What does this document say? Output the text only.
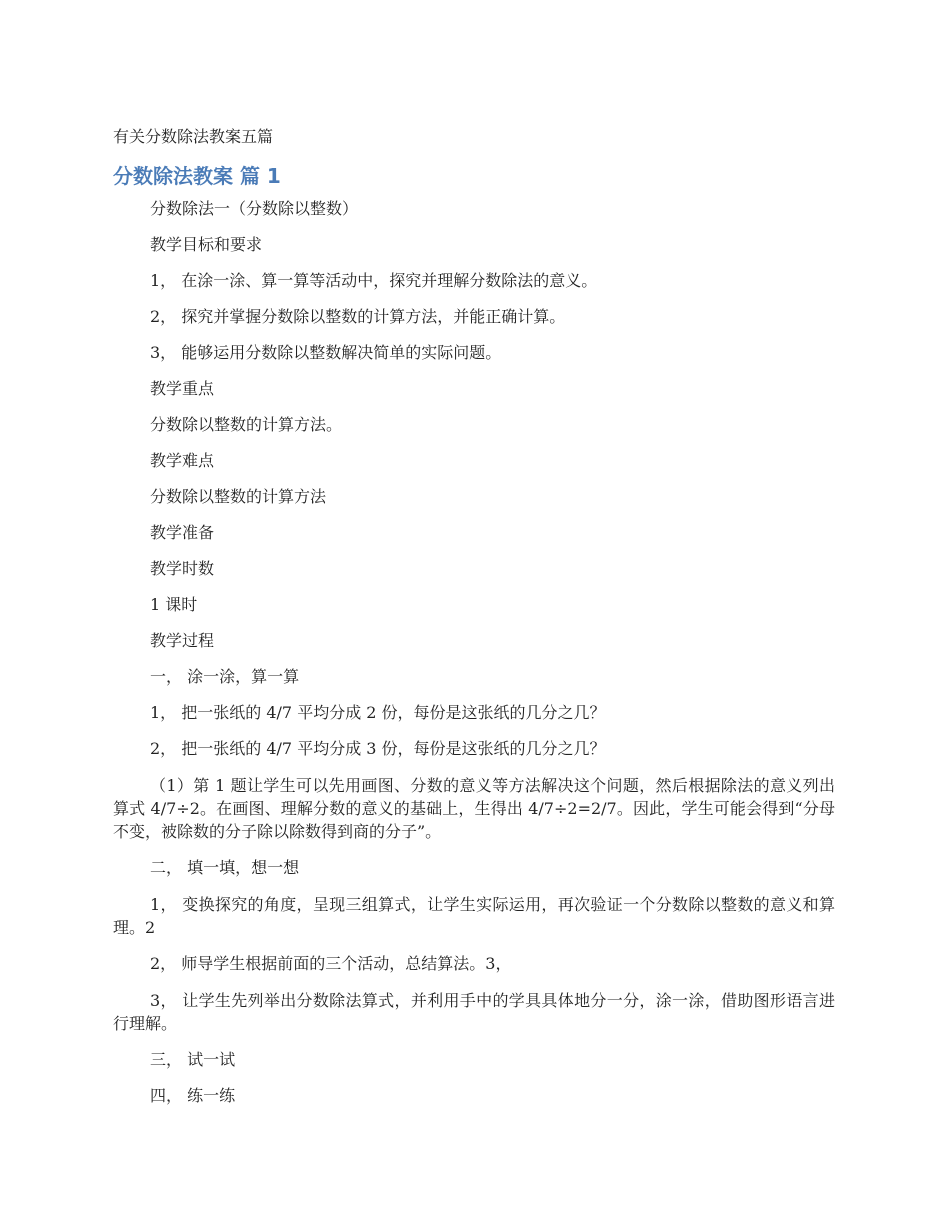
有关分数除法教案五篇
分数除法教案 篇 1

分数除法一（分数除以整数）

教学目标和要求

1， 在涂一涂、算一算等活动中，探究并理解分数除法的意义。

2， 探究并掌握分数除以整数的计算方法，并能正确计算。

3， 能够运用分数除以整数解决简单的实际问题。

教学重点

分数除以整数的计算方法。

教学难点

分数除以整数的计算方法

教学准备

教学时数

1 课时

教学过程

一， 涂一涂，算一算

1， 把一张纸的 4/7 平均分成 2 份，每份是这张纸的几分之几？

2， 把一张纸的 4/7 平均分成 3 份，每份是这张纸的几分之几？

（1）第 1 题让学生可以先用画图、分数的意义等方法解决这个问题，然后根据除法的意义列出算式 4/7÷2。在画图、理解分数的意义的基础上，生得出 4/7÷2=2/7。因此，学生可能会得到“分母不变，被除数的分子除以除数得到商的分子”。

二， 填一填，想一想

1， 变换探究的角度，呈现三组算式，让学生实际运用，再次验证一个分数除以整数的意义和算理。2

2， 师导学生根据前面的三个活动，总结算法。3，

3， 让学生先列举出分数除法算式，并利用手中的学具具体地分一分，涂一涂，借助图形语言进行理解。

三， 试一试

四， 练一练
